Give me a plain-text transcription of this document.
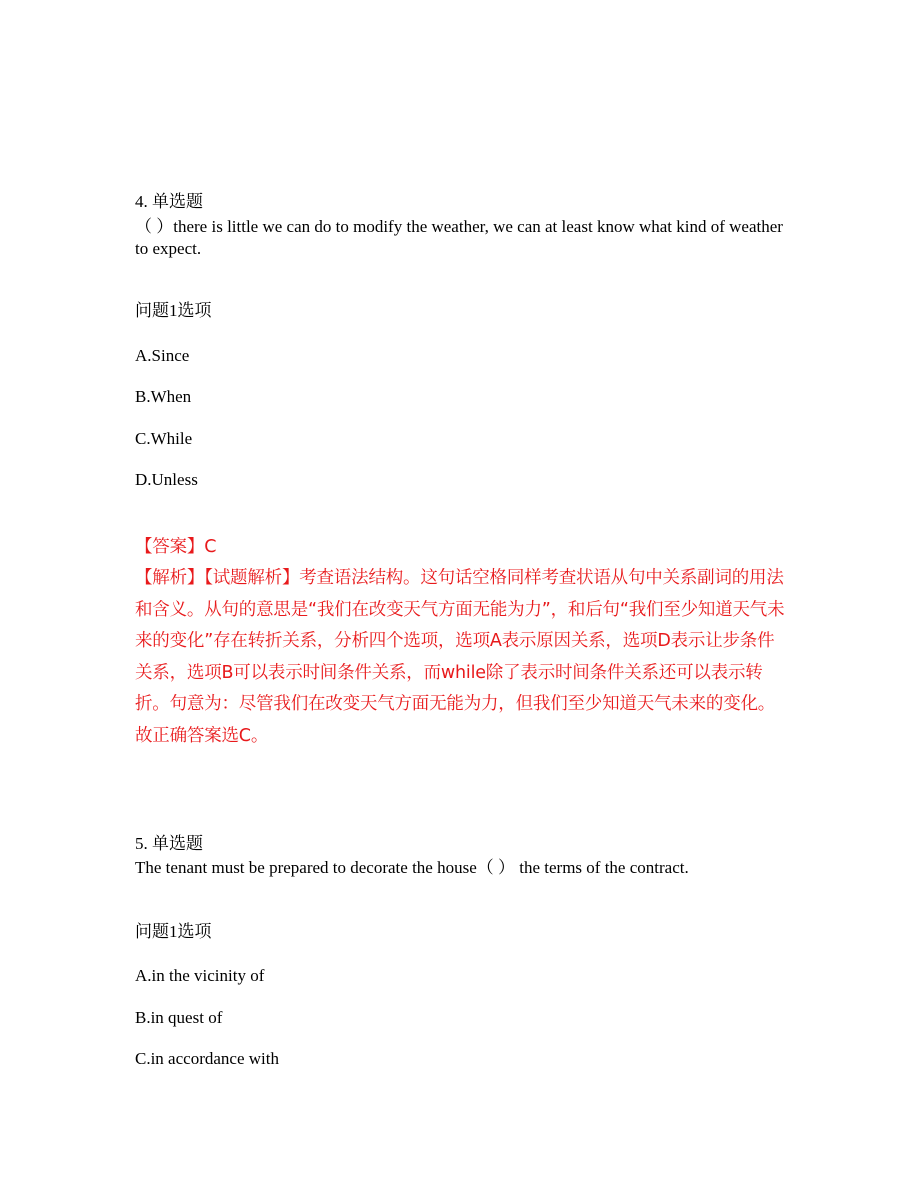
4. 单选题
（ ）there is little we can do to modify the weather, we can at least know what kind of weather to expect.
问题1选项
A.Since
B.When
C.While
D.Unless
【答案】C
【解析】【试题解析】考查语法结构。这句话空格同样考查状语从句中关系副词的用法和含义。从句的意思是“我们在改变天气方面无能为力”，和后句“我们至少知道天气未来的变化”存在转折关系，分析四个选项，选项A表示原因关系，选项D表示让步条件关系，选项B可以表示时间条件关系，而while除了表示时间条件关系还可以表示转折。句意为：尽管我们在改变天气方面无能为力，但我们至少知道天气未来的变化。故正确答案选C。
5. 单选题
The tenant must be prepared to decorate the house（ ） the terms of the contract.
问题1选项
A.in the vicinity of
B.in quest of
C.in accordance with
